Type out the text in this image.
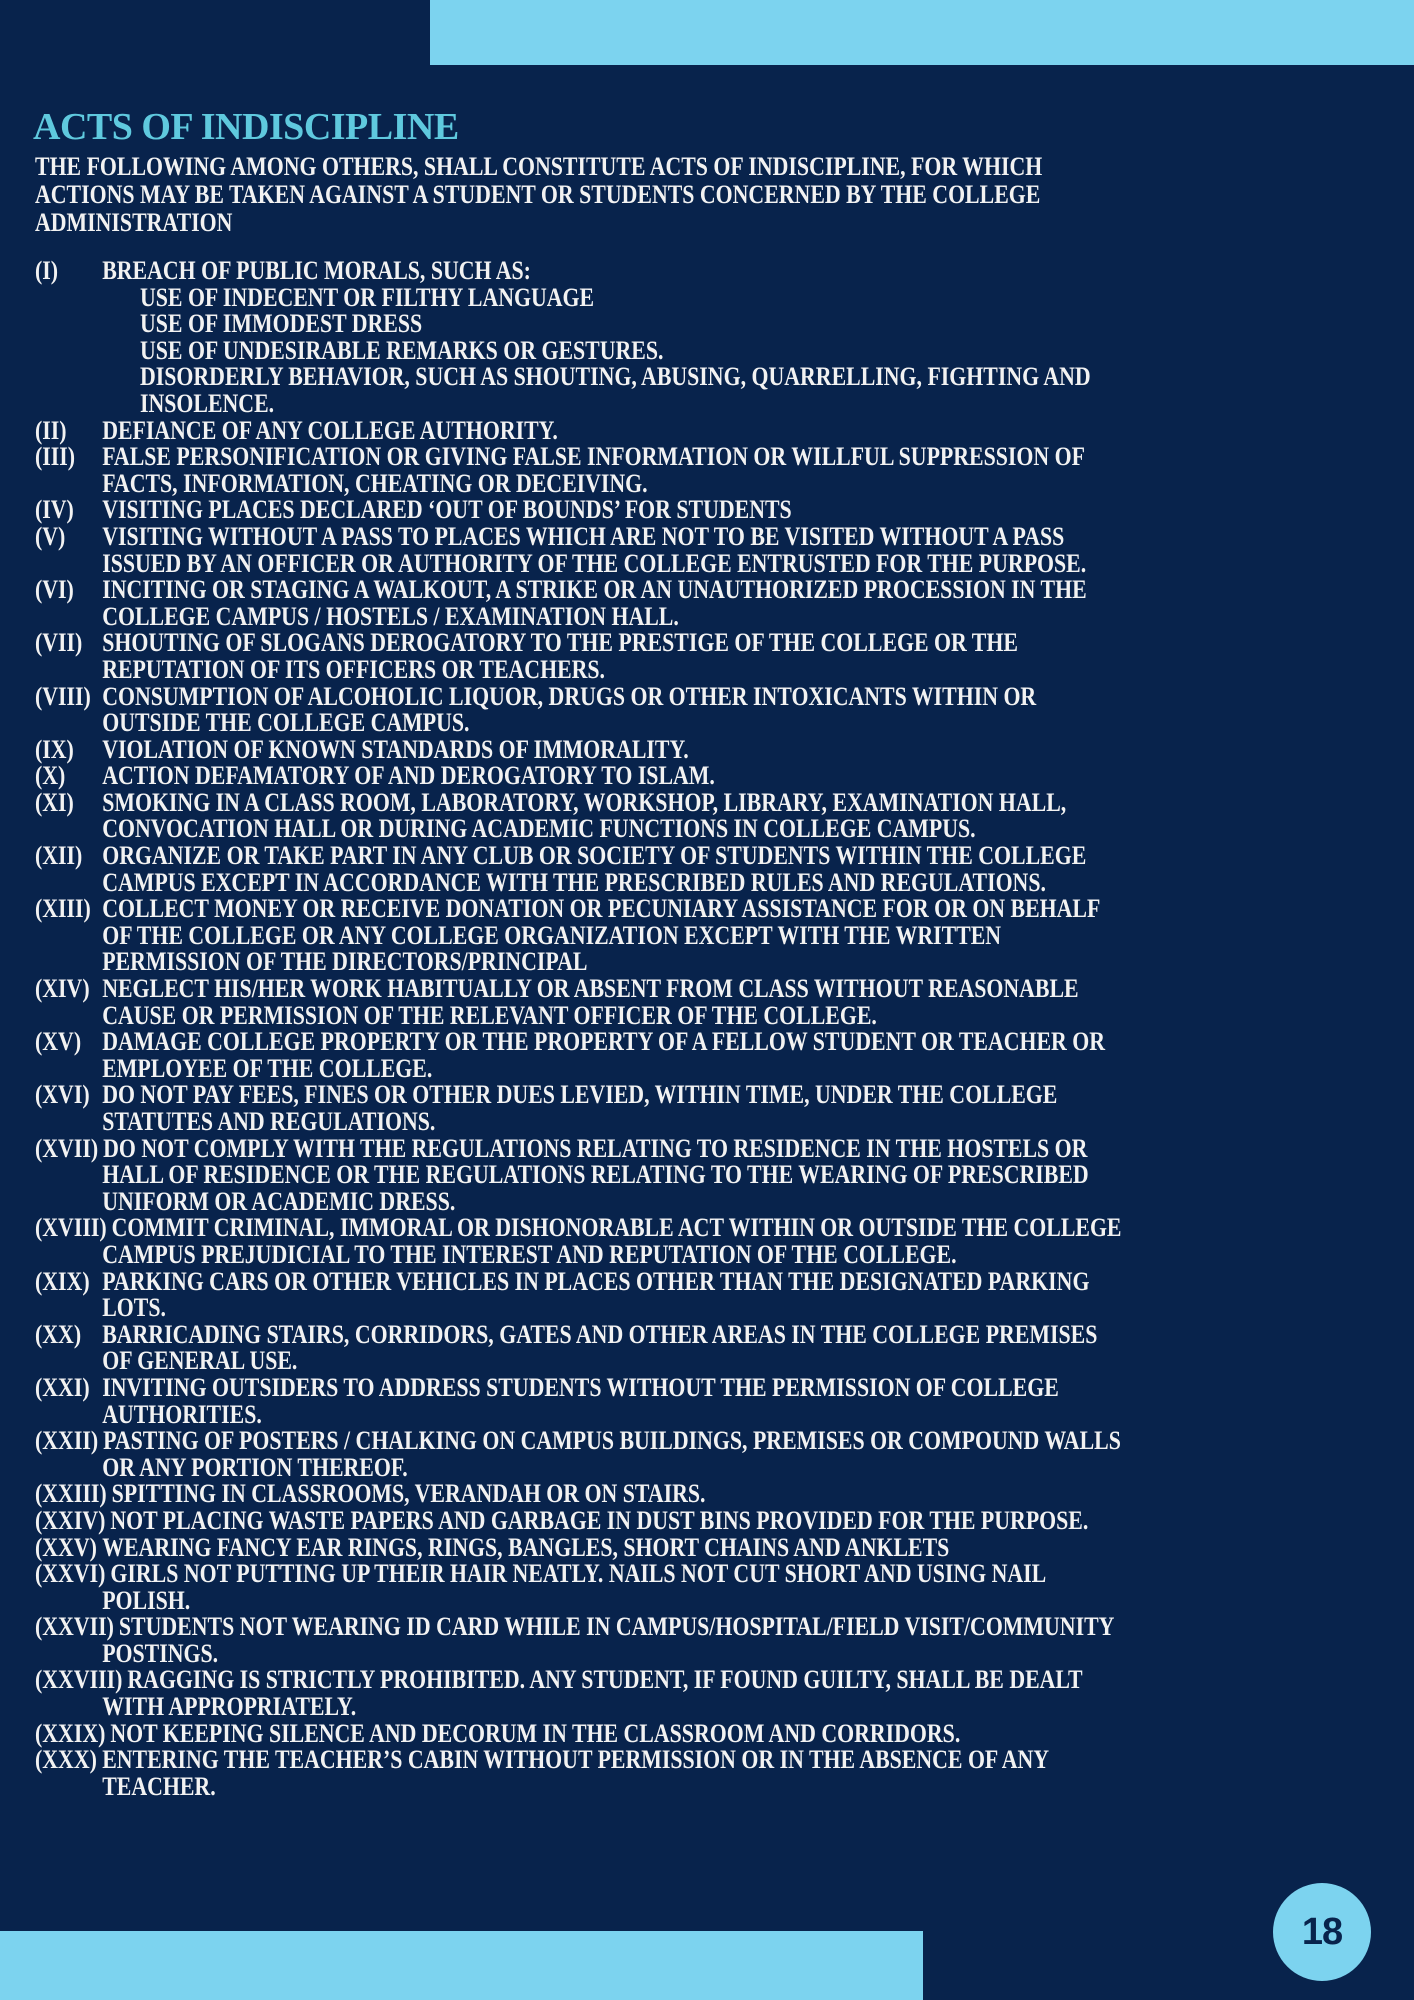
ACTS OF INDISCIPLINE

THE FOLLOWING AMONG OTHERS, SHALL CONSTITUTE ACTS OF INDISCIPLINE, FOR WHICH ACTIONS MAY BE TAKEN AGAINST A STUDENT OR STUDENTS CONCERNED BY THE COLLEGE ADMINISTRATION

(I) BREACH OF PUBLIC MORALS, SUCH AS:
USE OF INDECENT OR FILTHY LANGUAGE
USE OF IMMODEST DRESS
USE OF UNDESIRABLE REMARKS OR GESTURES.
DISORDERLY BEHAVIOR, SUCH AS SHOUTING, ABUSING, QUARRELLING, FIGHTING AND INSOLENCE.
(II) DEFIANCE OF ANY COLLEGE AUTHORITY.
(III) FALSE PERSONIFICATION OR GIVING FALSE INFORMATION OR WILLFUL SUPPRESSION OF FACTS, INFORMATION, CHEATING OR DECEIVING.
(IV) VISITING PLACES DECLARED ‘OUT OF BOUNDS’ FOR STUDENTS
(V) VISITING WITHOUT A PASS TO PLACES WHICH ARE NOT TO BE VISITED WITHOUT A PASS ISSUED BY AN OFFICER OR AUTHORITY OF THE COLLEGE ENTRUSTED FOR THE PURPOSE.
(VI) INCITING OR STAGING A WALKOUT, A STRIKE OR AN UNAUTHORIZED PROCESSION IN THE COLLEGE CAMPUS / HOSTELS / EXAMINATION HALL.
(VII) SHOUTING OF SLOGANS DEROGATORY TO THE PRESTIGE OF THE COLLEGE OR THE REPUTATION OF ITS OFFICERS OR TEACHERS.
(VIII) CONSUMPTION OF ALCOHOLIC LIQUOR, DRUGS OR OTHER INTOXICANTS WITHIN OR OUTSIDE THE COLLEGE CAMPUS.
(IX) VIOLATION OF KNOWN STANDARDS OF IMMORALITY.
(X) ACTION DEFAMATORY OF AND DEROGATORY TO ISLAM.
(XI) SMOKING IN A CLASS ROOM, LABORATORY, WORKSHOP, LIBRARY, EXAMINATION HALL, CONVOCATION HALL OR DURING ACADEMIC FUNCTIONS IN COLLEGE CAMPUS.
(XII) ORGANIZE OR TAKE PART IN ANY CLUB OR SOCIETY OF STUDENTS WITHIN THE COLLEGE CAMPUS EXCEPT IN ACCORDANCE WITH THE PRESCRIBED RULES AND REGULATIONS.
(XIII) COLLECT MONEY OR RECEIVE DONATION OR PECUNIARY ASSISTANCE FOR OR ON BEHALF OF THE COLLEGE OR ANY COLLEGE ORGANIZATION EXCEPT WITH THE WRITTEN PERMISSION OF THE DIRECTORS/PRINCIPAL
(XIV) NEGLECT HIS/HER WORK HABITUALLY OR ABSENT FROM CLASS WITHOUT REASONABLE CAUSE OR PERMISSION OF THE RELEVANT OFFICER OF THE COLLEGE.
(XV) DAMAGE COLLEGE PROPERTY OR THE PROPERTY OF A FELLOW STUDENT OR TEACHER OR EMPLOYEE OF THE COLLEGE.
(XVI) DO NOT PAY FEES, FINES OR OTHER DUES LEVIED, WITHIN TIME, UNDER THE COLLEGE STATUTES AND REGULATIONS.
(XVII) DO NOT COMPLY WITH THE REGULATIONS RELATING TO RESIDENCE IN THE HOSTELS OR HALL OF RESIDENCE OR THE REGULATIONS RELATING TO THE WEARING OF PRESCRIBED UNIFORM OR ACADEMIC DRESS.
(XVIII) COMMIT CRIMINAL, IMMORAL OR DISHONORABLE ACT WITHIN OR OUTSIDE THE COLLEGE CAMPUS PREJUDICIAL TO THE INTEREST AND REPUTATION OF THE COLLEGE.
(XIX) PARKING CARS OR OTHER VEHICLES IN PLACES OTHER THAN THE DESIGNATED PARKING LOTS.
(XX) BARRICADING STAIRS, CORRIDORS, GATES AND OTHER AREAS IN THE COLLEGE PREMISES OF GENERAL USE.
(XXI) INVITING OUTSIDERS TO ADDRESS STUDENTS WITHOUT THE PERMISSION OF COLLEGE AUTHORITIES.
(XXII) PASTING OF POSTERS / CHALKING ON CAMPUS BUILDINGS, PREMISES OR COMPOUND WALLS OR ANY PORTION THEREOF.
(XXIII) SPITTING IN CLASSROOMS, VERANDAH OR ON STAIRS.
(XXIV) NOT PLACING WASTE PAPERS AND GARBAGE IN DUST BINS PROVIDED FOR THE PURPOSE.
(XXV) WEARING FANCY EAR RINGS, RINGS, BANGLES, SHORT CHAINS AND ANKLETS
(XXVI) GIRLS NOT PUTTING UP THEIR HAIR NEATLY. NAILS NOT CUT SHORT AND USING NAIL POLISH.
(XXVII) STUDENTS NOT WEARING ID CARD WHILE IN CAMPUS/HOSPITAL/FIELD VISIT/COMMUNITY POSTINGS.
(XXVIII) RAGGING IS STRICTLY PROHIBITED. ANY STUDENT, IF FOUND GUILTY, SHALL BE DEALT WITH APPROPRIATELY.
(XXIX) NOT KEEPING SILENCE AND DECORUM IN THE CLASSROOM AND CORRIDORS.
(XXX) ENTERING THE TEACHER’S CABIN WITHOUT PERMISSION OR IN THE ABSENCE OF ANY TEACHER.
18
